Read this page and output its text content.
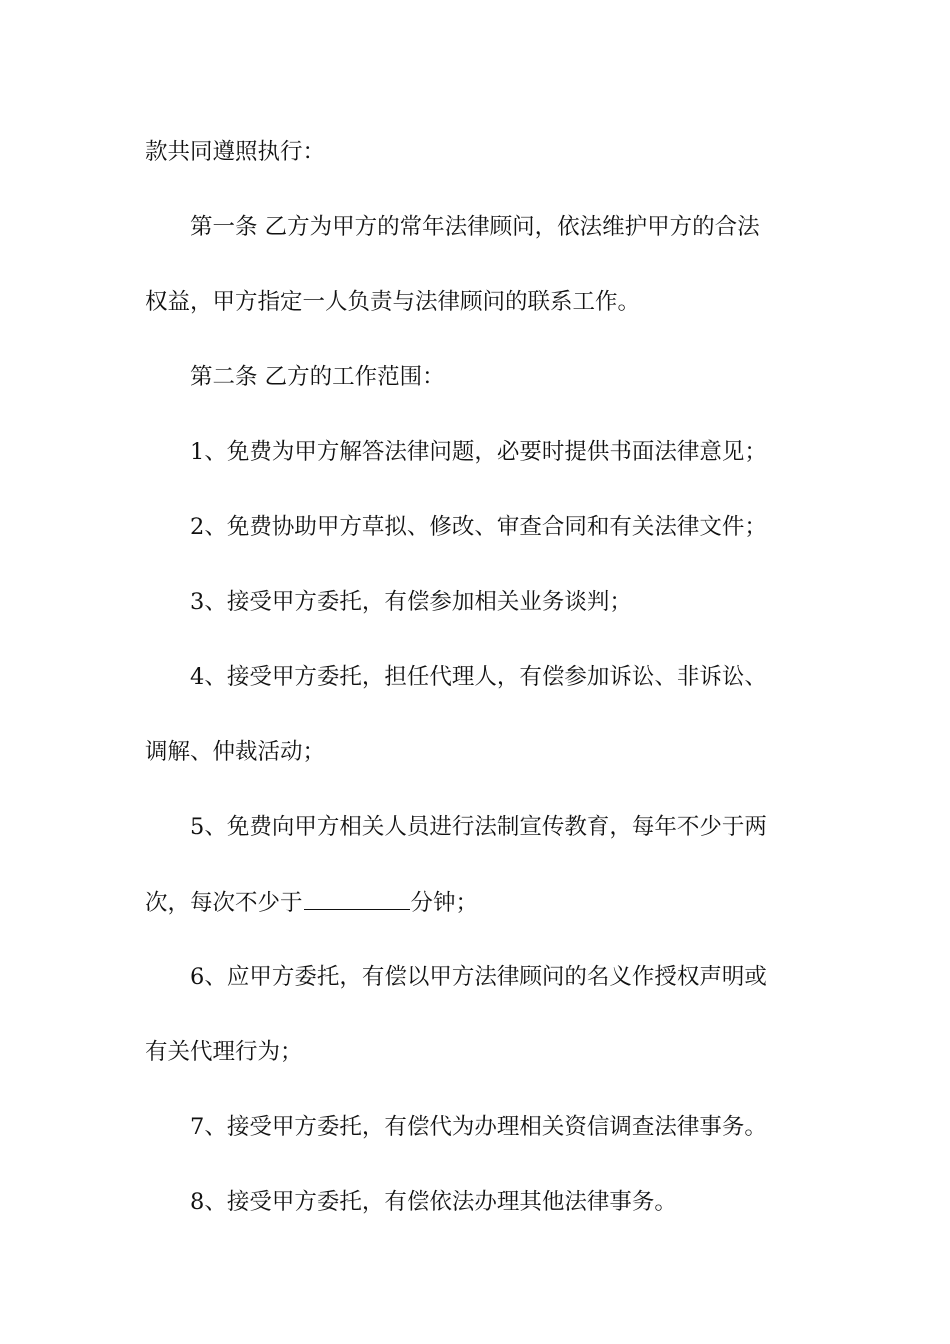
款共同遵照执行：
第一条 乙方为甲方的常年法律顾问，依法维护甲方的合法
权益，甲方指定一人负责与法律顾问的联系工作。
第二条 乙方的工作范围：
1、免费为甲方解答法律问题，必要时提供书面法律意见；
2、免费协助甲方草拟、修改、审查合同和有关法律文件；
3、接受甲方委托，有偿参加相关业务谈判；
4、接受甲方委托，担任代理人，有偿参加诉讼、非诉讼、
调解、仲裁活动；
5、免费向甲方相关人员进行法制宣传教育，每年不少于两
次，每次不少于	分钟；
6、应甲方委托，有偿以甲方法律顾问的名义作授权声明或
有关代理行为；
7、接受甲方委托，有偿代为办理相关资信调查法律事务。
8、接受甲方委托，有偿依法办理其他法律事务。
